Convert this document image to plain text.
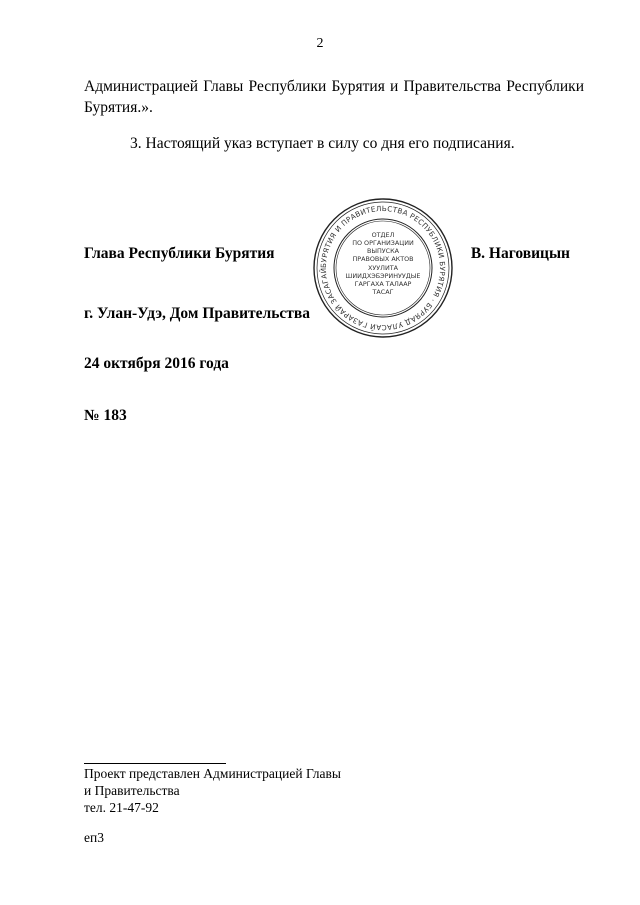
2
Администрацией Главы Республики Бурятия и Правительства Республики Бурятия.».
3. Настоящий указ вступает в силу со дня его подписания.
Глава Республики Бурятия
БУРЯТИЯ И ПРАВИТЕЛЬСТВА РЕСПУБЛИКИ БУРЯТИЯ · БУРЯАД УЛАСАЙ ГАЗАРАЙ ЗАСАГАЙ
ОТДЕЛ
ПО ОРГАНИЗАЦИИ
ВЫПУСКА
ПРАВОВЫХ АКТОВ
ХУУЛИТА
ШИИДХЭБЭРИНУУДЫЕ
ГАРГАХА ТАЛААР
ТАСАГ
В. Наговицын
г. Улан-Удэ, Дом Правительства
24 октября 2016 года
№ 183
Проект представлен Администрацией Главы
и Правительства
тел. 21-47-92
еп3
